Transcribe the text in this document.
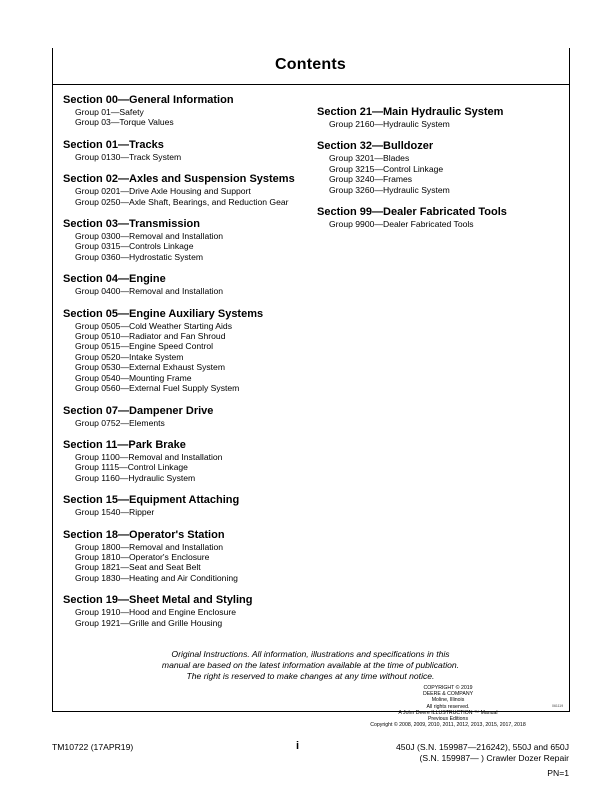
Contents
Section 00—General Information
Group 01—Safety
Group 03—Torque Values
Section 01—Tracks
Group 0130—Track System
Section 02—Axles and Suspension Systems
Group 0201—Drive Axle Housing and Support
Group 0250—Axle Shaft, Bearings, and Reduction Gear
Section 03—Transmission
Group 0300—Removal and Installation
Group 0315—Controls Linkage
Group 0360—Hydrostatic System
Section 04—Engine
Group 0400—Removal and Installation
Section 05—Engine Auxiliary Systems
Group 0505—Cold Weather Starting Aids
Group 0510—Radiator and Fan Shroud
Group 0515—Engine Speed Control
Group 0520—Intake System
Group 0530—External Exhaust System
Group 0540—Mounting Frame
Group 0560—External Fuel Supply System
Section 07—Dampener Drive
Group 0752—Elements
Section 11—Park Brake
Group 1100—Removal and Installation
Group 1115—Control Linkage
Group 1160—Hydraulic System
Section 15—Equipment Attaching
Group 1540—Ripper
Section 18—Operator's Station
Group 1800—Removal and Installation
Group 1810—Operator's Enclosure
Group 1821—Seat and Seat Belt
Group 1830—Heating and Air Conditioning
Section 19—Sheet Metal and Styling
Group 1910—Hood and Engine Enclosure
Group 1921—Grille and Grille Housing
Section 21—Main Hydraulic System
Group 2160—Hydraulic System
Section 32—Bulldozer
Group 3201—Blades
Group 3215—Control Linkage
Group 3240—Frames
Group 3260—Hydraulic System
Section 99—Dealer Fabricated Tools
Group 9900—Dealer Fabricated Tools
Original Instructions. All information, illustrations and specifications in this
manual are based on the latest information available at the time of publication.
The right is reserved to make changes at any time without notice.
COPYRIGHT © 2019
DEERE & COMPANY
Moline, Illinois
All rights reserved.
A John Deere ILLUSTRUCTION ™ Manual
Previous Editions
Copyright © 2008, 2009, 2010, 2011, 2012, 2013, 2015, 2017, 2018
061119
TM10722 (17APR19)	i	450J (S.N. 159987—216242), 550J and 650J
(S.N. 159987— ) Crawler Dozer Repair
PN=1
